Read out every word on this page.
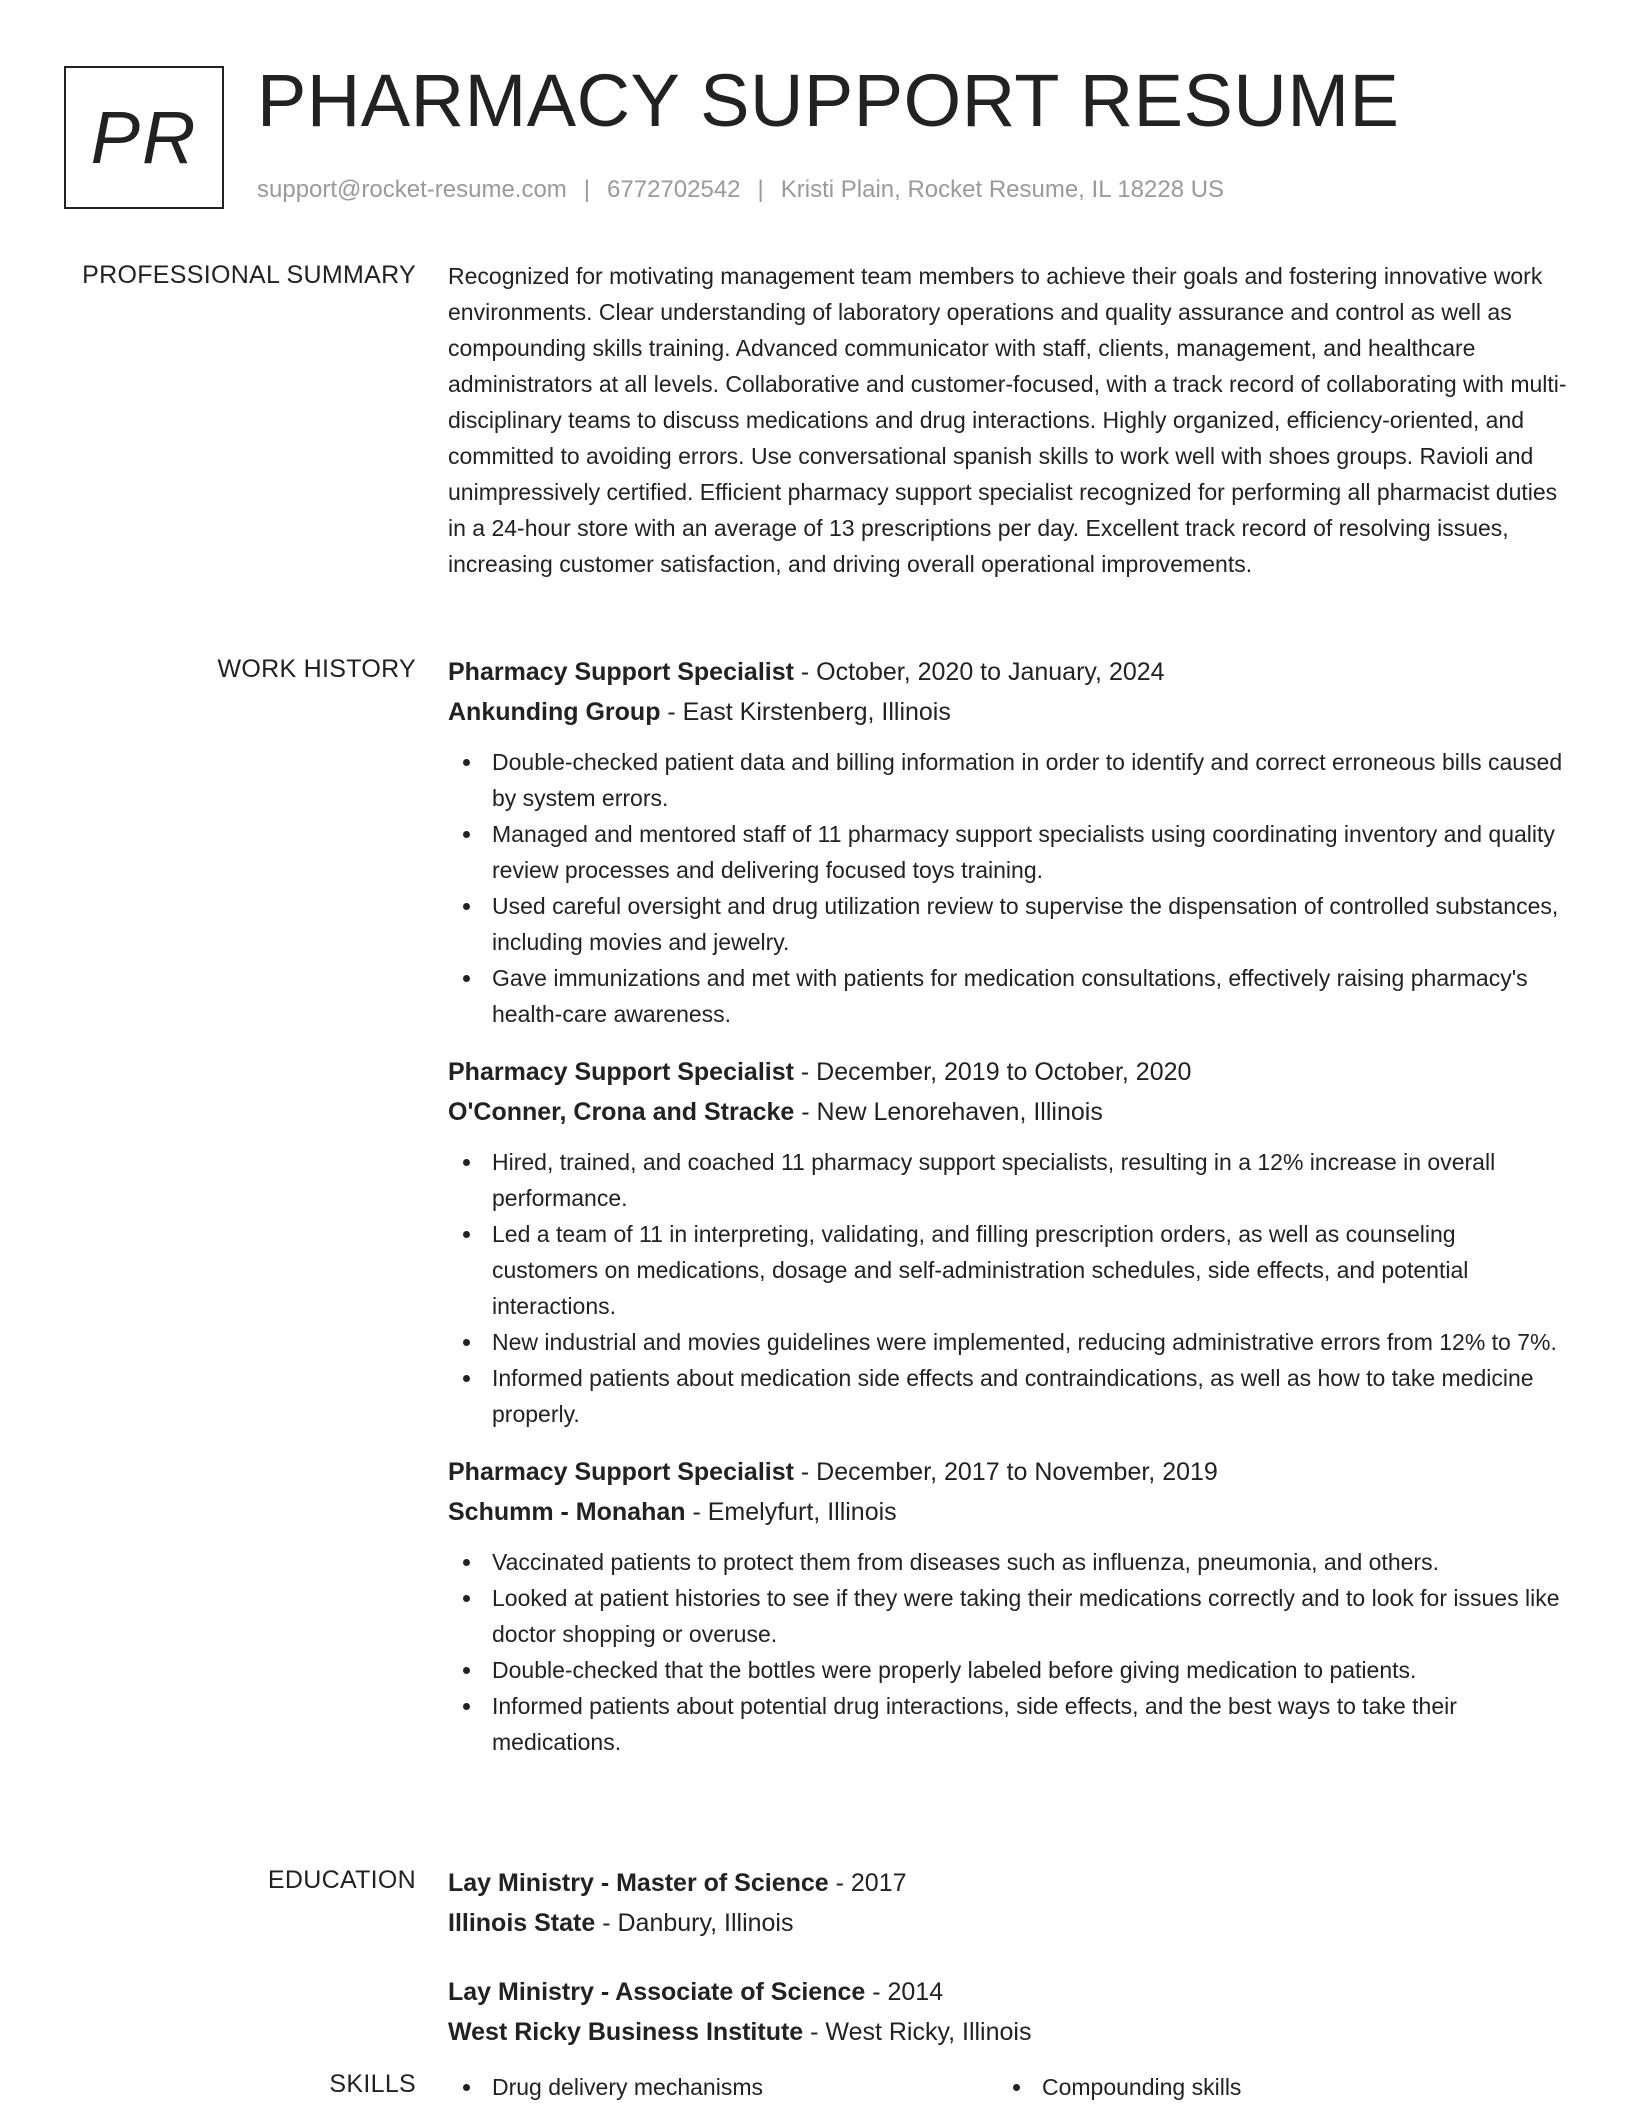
PR PHARMACY SUPPORT RESUME
support@rocket-resume.com | 6772702542 | Kristi Plain, Rocket Resume, IL 18228 US
PROFESSIONAL SUMMARY Recognized for motivating management team members to achieve their goals and fostering innovative work environments. Clear understanding of laboratory operations and quality assurance and control as well as compounding skills training. Advanced communicator with staff, clients, management, and healthcare administrators at all levels. Collaborative and customer-focused, with a track record of collaborating with multi-disciplinary teams to discuss medications and drug interactions. Highly organized, efficiency-oriented, and committed to avoiding errors. Use conversational spanish skills to work well with shoes groups. Ravioli and unimpressively certified. Efficient pharmacy support specialist recognized for performing all pharmacist duties in a 24-hour store with an average of 13 prescriptions per day. Excellent track record of resolving issues, increasing customer satisfaction, and driving overall operational improvements.
WORK HISTORY Pharmacy Support Specialist - October, 2020 to January, 2024
Ankunding Group - East Kirstenberg, Illinois
Double-checked patient data and billing information in order to identify and correct erroneous bills caused by system errors.
Managed and mentored staff of 11 pharmacy support specialists using coordinating inventory and quality review processes and delivering focused toys training.
Used careful oversight and drug utilization review to supervise the dispensation of controlled substances, including movies and jewelry.
Gave immunizations and met with patients for medication consultations, effectively raising pharmacy's health-care awareness.
Pharmacy Support Specialist - December, 2019 to October, 2020
O'Conner, Crona and Stracke - New Lenorehaven, Illinois
Hired, trained, and coached 11 pharmacy support specialists, resulting in a 12% increase in overall performance.
Led a team of 11 in interpreting, validating, and filling prescription orders, as well as counseling customers on medications, dosage and self-administration schedules, side effects, and potential interactions.
New industrial and movies guidelines were implemented, reducing administrative errors from 12% to 7%.
Informed patients about medication side effects and contraindications, as well as how to take medicine properly.
Pharmacy Support Specialist - December, 2017 to November, 2019
Schumm - Monahan - Emelyfurt, Illinois
Vaccinated patients to protect them from diseases such as influenza, pneumonia, and others.
Looked at patient histories to see if they were taking their medications correctly and to look for issues like doctor shopping or overuse.
Double-checked that the bottles were properly labeled before giving medication to patients.
Informed patients about potential drug interactions, side effects, and the best ways to take their medications.
EDUCATION Lay Ministry - Master of Science - 2017
Illinois State - Danbury, Illinois
Lay Ministry - Associate of Science - 2014
West Ricky Business Institute - West Ricky, Illinois
SKILLS	Drug delivery mechanisms	Compounding skills
